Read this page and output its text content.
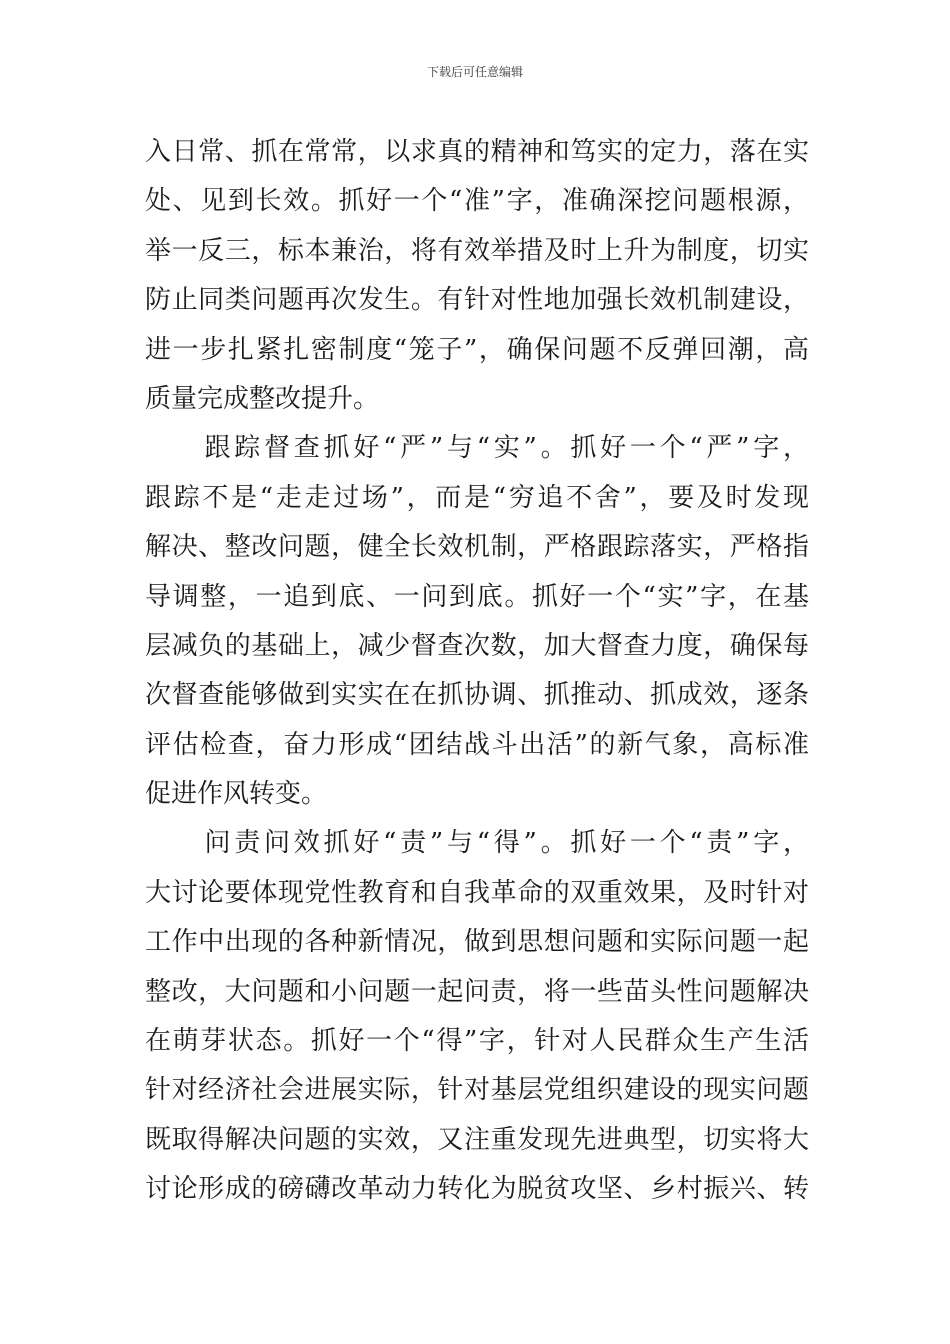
下载后可任意编辑
入日常、抓在常常，以求真的精神和笃实的定力，落在实
处、见到长效。抓好一个“准”字，准确深挖问题根源，
举一反三，标本兼治，将有效举措及时上升为制度，切实
防止同类问题再次发生。有针对性地加强长效机制建设，
进一步扎紧扎密制度“笼子”，确保问题不反弹回潮，高
质量完成整改提升。
　　跟踪督查抓好“严”与“实”。抓好一个“严”字，
跟踪不是“走走过场”，而是“穷追不舍”，要及时发现
解决、整改问题，健全长效机制，严格跟踪落实，严格指
导调整，一追到底、一问到底。抓好一个“实”字，在基
层减负的基础上，减少督查次数，加大督查力度，确保每
次督查能够做到实实在在抓协调、抓推动、抓成效，逐条
评估检查，奋力形成“团结战斗出活”的新气象，高标准
促进作风转变。
　　问责问效抓好“责”与“得”。抓好一个“责”字，
大讨论要体现党性教育和自我革命的双重效果，及时针对
工作中出现的各种新情况，做到思想问题和实际问题一起
整改，大问题和小问题一起问责，将一些苗头性问题解决
在萌芽状态。抓好一个“得”字，针对人民群众生产生活
针对经济社会进展实际，针对基层党组织建设的现实问题
既取得解决问题的实效，又注重发现先进典型，切实将大
讨论形成的磅礴改革动力转化为脱贫攻坚、乡村振兴、转
